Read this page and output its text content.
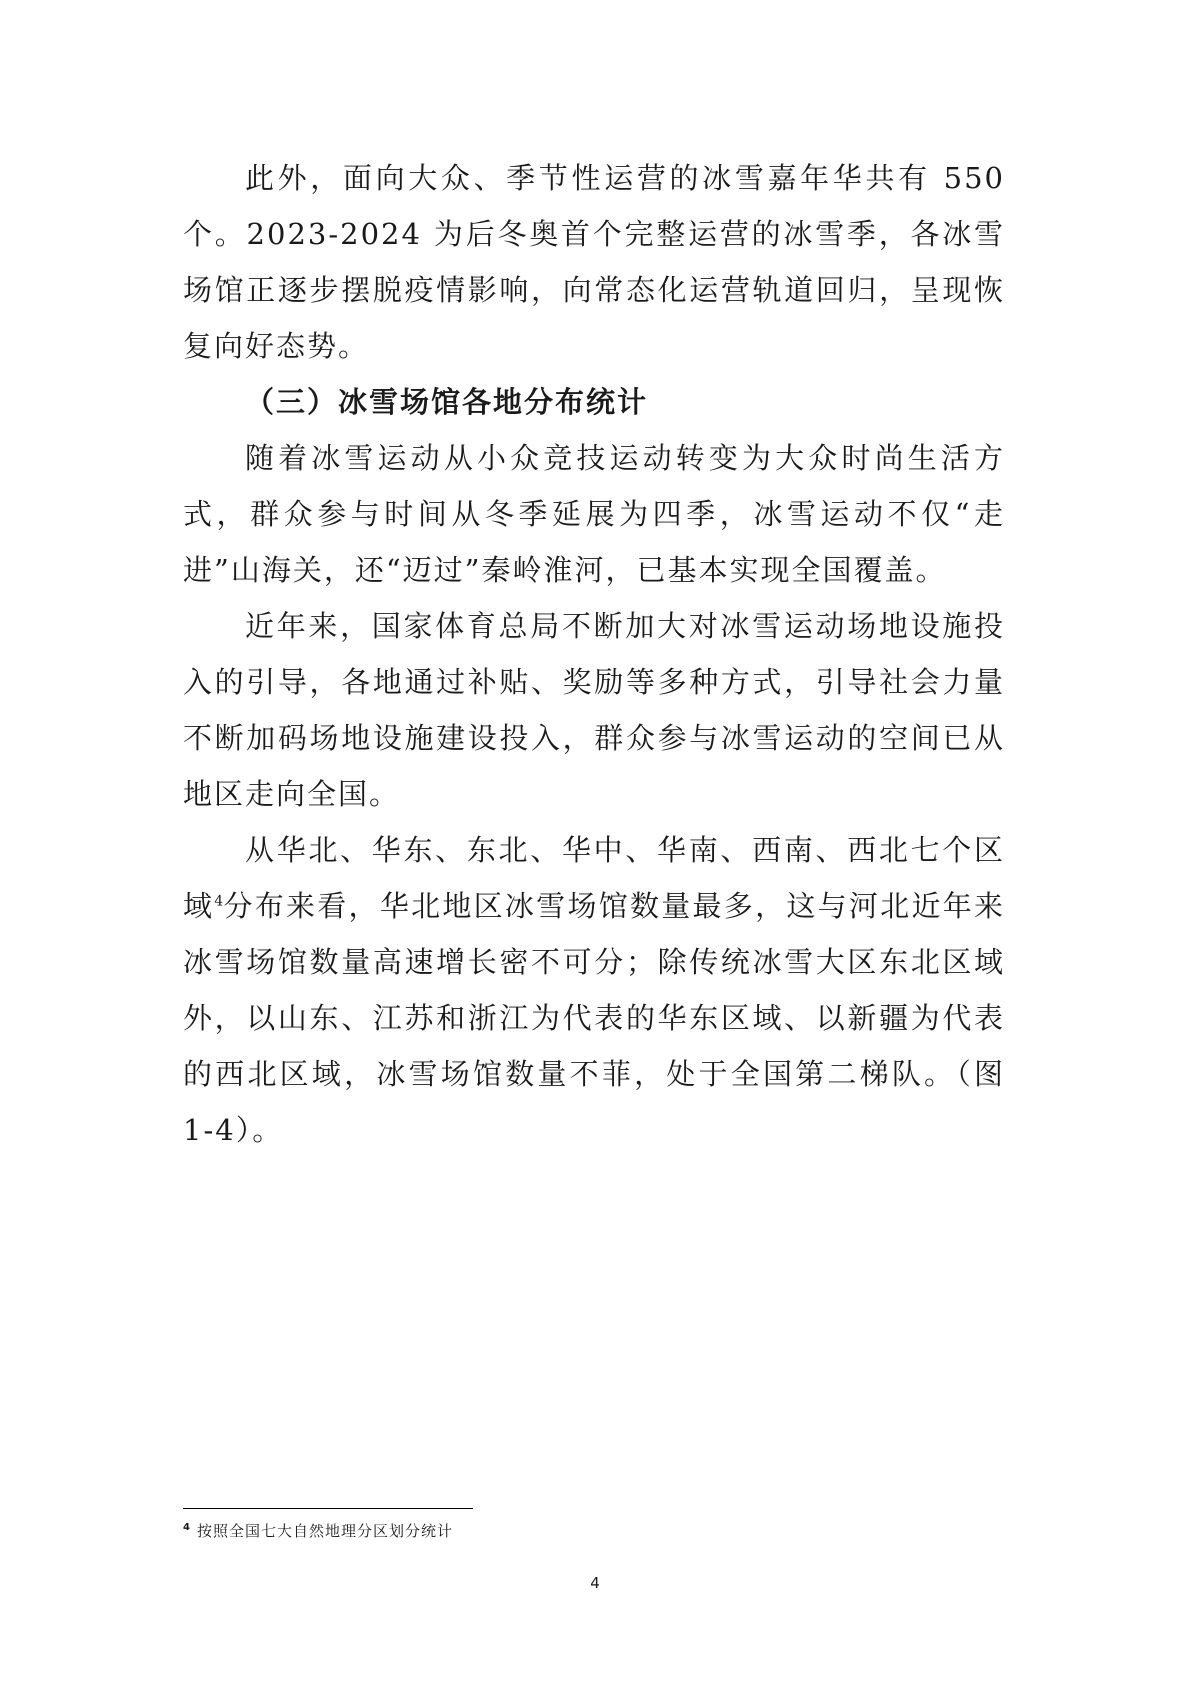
此外，面向大众、季节性运营的冰雪嘉年华共有 550 个。2023-2024 为后冬奥首个完整运营的冰雪季，各冰雪场馆正逐步摆脱疫情影响，向常态化运营轨道回归，呈现恢复向好态势。

（三）冰雪场馆各地分布统计

随着冰雪运动从小众竞技运动转变为大众时尚生活方式，群众参与时间从冬季延展为四季，冰雪运动不仅“走进”山海关，还“迈过”秦岭淮河，已基本实现全国覆盖。

近年来，国家体育总局不断加大对冰雪运动场地设施投入的引导，各地通过补贴、奖励等多种方式，引导社会力量不断加码场地设施建设投入，群众参与冰雪运动的空间已从地区走向全国。

从华北、华东、东北、华中、华南、西南、西北七个区域$^4$分布来看，华北地区冰雪场馆数量最多，这与河北近年来冰雪场馆数量高速增长密不可分；除传统冰雪大区东北区域外，以山东、江苏和浙江为代表的华东区域、以新疆为代表的西北区域，冰雪场馆数量不菲，处于全国第二梯队。（图 1-4）。

$^4$ 按照全国七大自然地理分区划分统计
4
